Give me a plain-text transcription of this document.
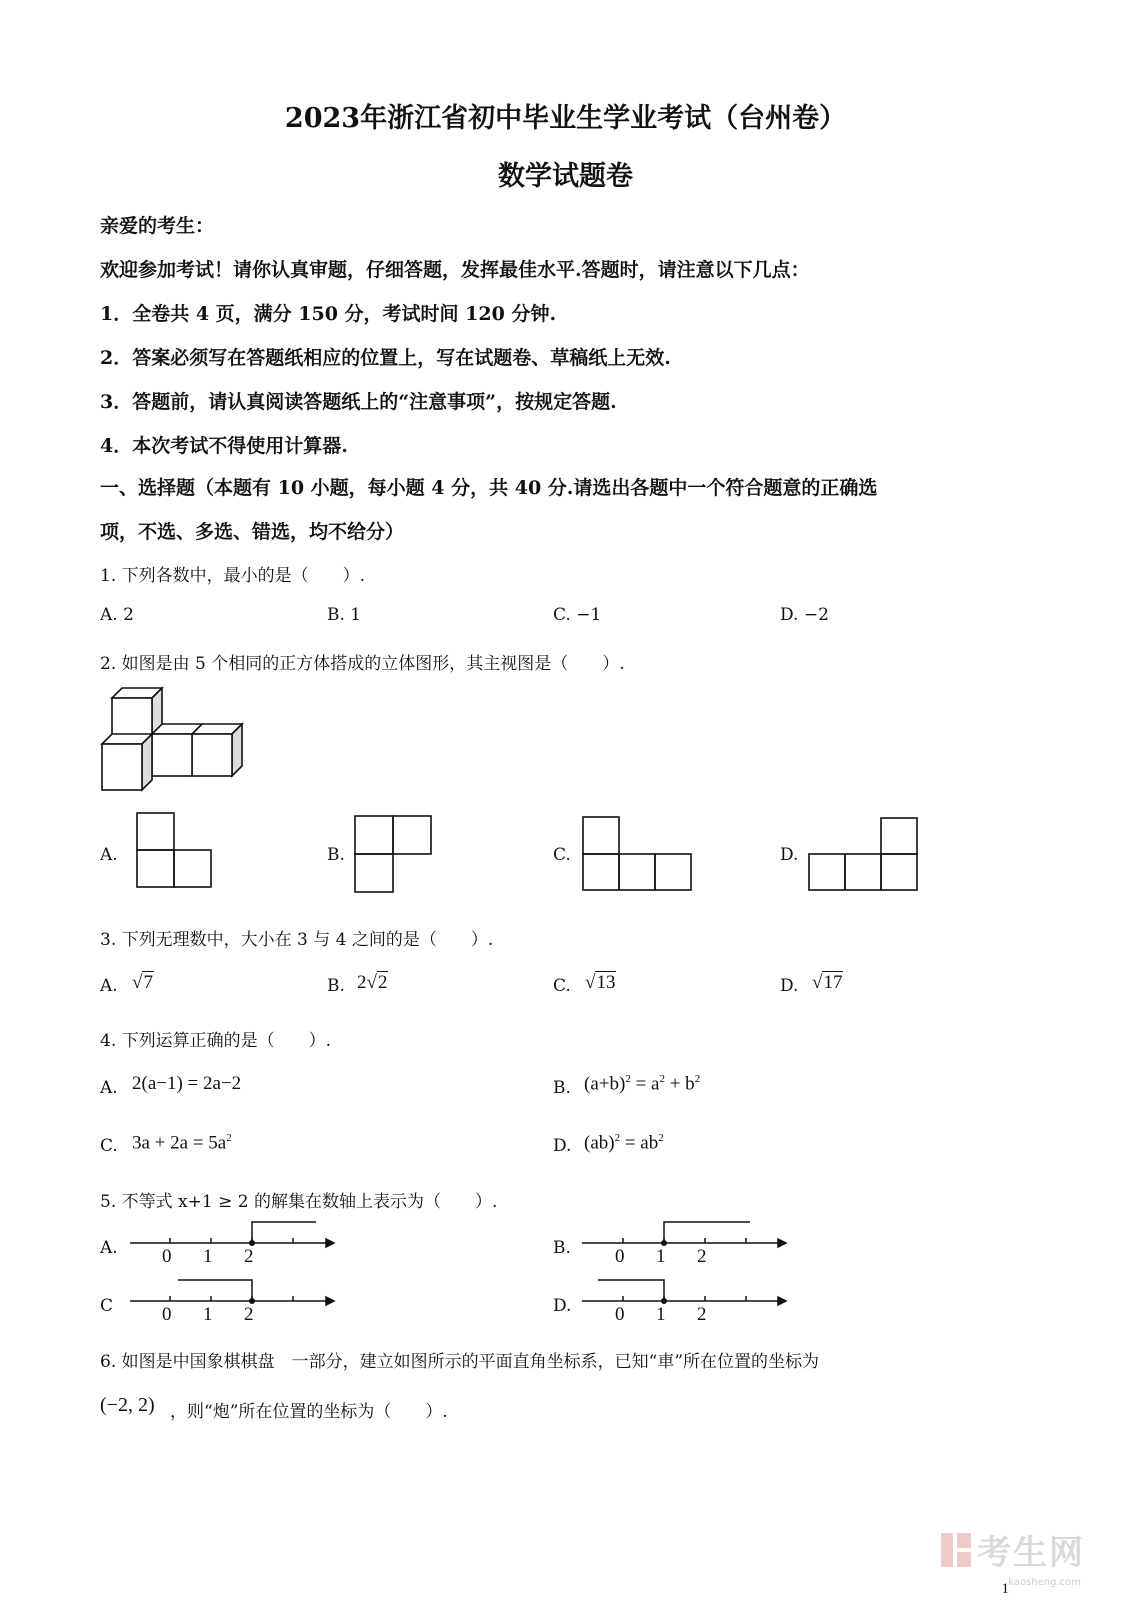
2023年浙江省初中毕业生学业考试（台州卷）
数学试题卷
亲爱的考生：
欢迎参加考试！请你认真审题，仔细答题，发挥最佳水平.答题时，请注意以下几点：
1．全卷共 4 页，满分 150 分，考试时间 120 分钟.
2．答案必须写在答题纸相应的位置上，写在试题卷、草稿纸上无效.
3．答题前，请认真阅读答题纸上的“注意事项”，按规定答题.
4．本次考试不得使用计算器.
一、选择题（本题有 10 小题，每小题 4 分，共 40 分.请选出各题中一个符合题意的正确选
项，不选、多选、错选，均不给分）
1. 下列各数中，最小的是（　　）.
A. 2	B. 1	C. −1	D. −2
2. 如图是由 5 个相同的正方体搭成的立体图形，其主视图是（　　）.
A.	B.	C.	D.
3. 下列无理数中，大小在 3 与 4 之间的是（　　）.
A. √7	B. 2√2	C. √13	D. √17
4. 下列运算正确的是（　　）.
A. 2(a−1) = 2a−2	B. $(a+b)^2 = a^2 + b^2$
C. $3a + 2a = 5a^2$	D. $(ab)^2 = ab^2$
5. 不等式 x+1 ≥ 2 的解集在数轴上表示为（　　）.
A. 0 1 2	B. 0 1 2
C	0 1 2	D. 0 1 2
6. 如图是中国象棋棋盘　一部分，建立如图所示的平面直角坐标系，已知“車”所在位置的坐标为
(−2, 2) ，则“炮”所在位置的坐标为（　　）.
考生网
kaosheng.com
1
